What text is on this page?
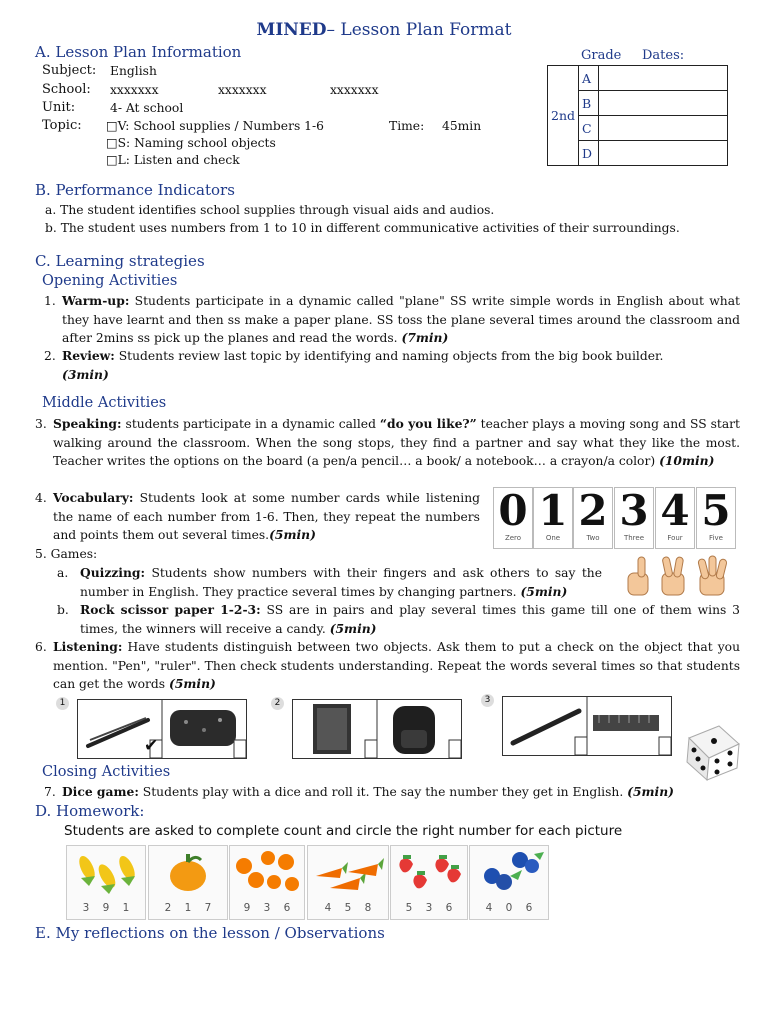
MINED– Lesson Plan Format
A. Lesson Plan Information
Subject: English
School: xxxxxxx	xxxxxxx	xxxxxxx
Unit:	4- At school
Topic: □V: School supplies / Numbers 1-6
□S: Naming school objects
□L: Listen and check
Time: 45min
Grade Dates:
2nd	A	
	B	
	C	
	D	
B. Performance Indicators
a. The student identifies school supplies through visual aids and audios.
b. The student uses numbers from 1 to 10 in different communicative activities of their surroundings.
C. Learning strategies
Opening Activities
1. Warm-up: Students participate in a dynamic called "plane" SS write simple words in English about what they have learnt and then ss make a paper plane. SS toss the plane several times around the classroom and after 2mins ss pick up the planes and read the words. (7min)
2. Review: Students review last topic by identifying and naming objects from the big book builder.
(3min)
Middle Activities
3. Speaking: students participate in a dynamic called “do you like?” teacher plays a moving song and SS start walking around the classroom. When the song stops, they find a partner and say what they like the most. Teacher writes the options on the board (a pen/a pencil… a book/ a notebook… a crayon/a color) (10min)
4. Vocabulary: Students look at some number cards while listening the name of each number from 1-6. Then, they repeat the numbers and points them out several times.(5min)	0
Zero
1
One
2
Two
3
Three
4
Four
5
Five
5. Games:
a. Quizzing: Students show numbers with their fingers and ask others to say the number in English. They practice several times by changing partners. (5min)
b. Rock scissor paper 1-2-3: SS are in pairs and play several times this game till one of them wins 3 times, the winners will receive a candy. (5min)
6. Listening: Have students distinguish between two objects. Ask them to put a check on the object that you mention. "Pen", "ruler". Then check students understanding. Repeat the words several times so that students can get the words (5min)
1
✔
2	3
Closing Activities
7. Dice game: Students play with a dice and roll it. The say the number they get in English. (5min)
D. Homework:
Students are asked to complete count and circle the right number for each picture
3 9 1	2 1 7	9 3 6	4 5 8	5 3 6	4 0 6
E. My reflections on the lesson / Observations
